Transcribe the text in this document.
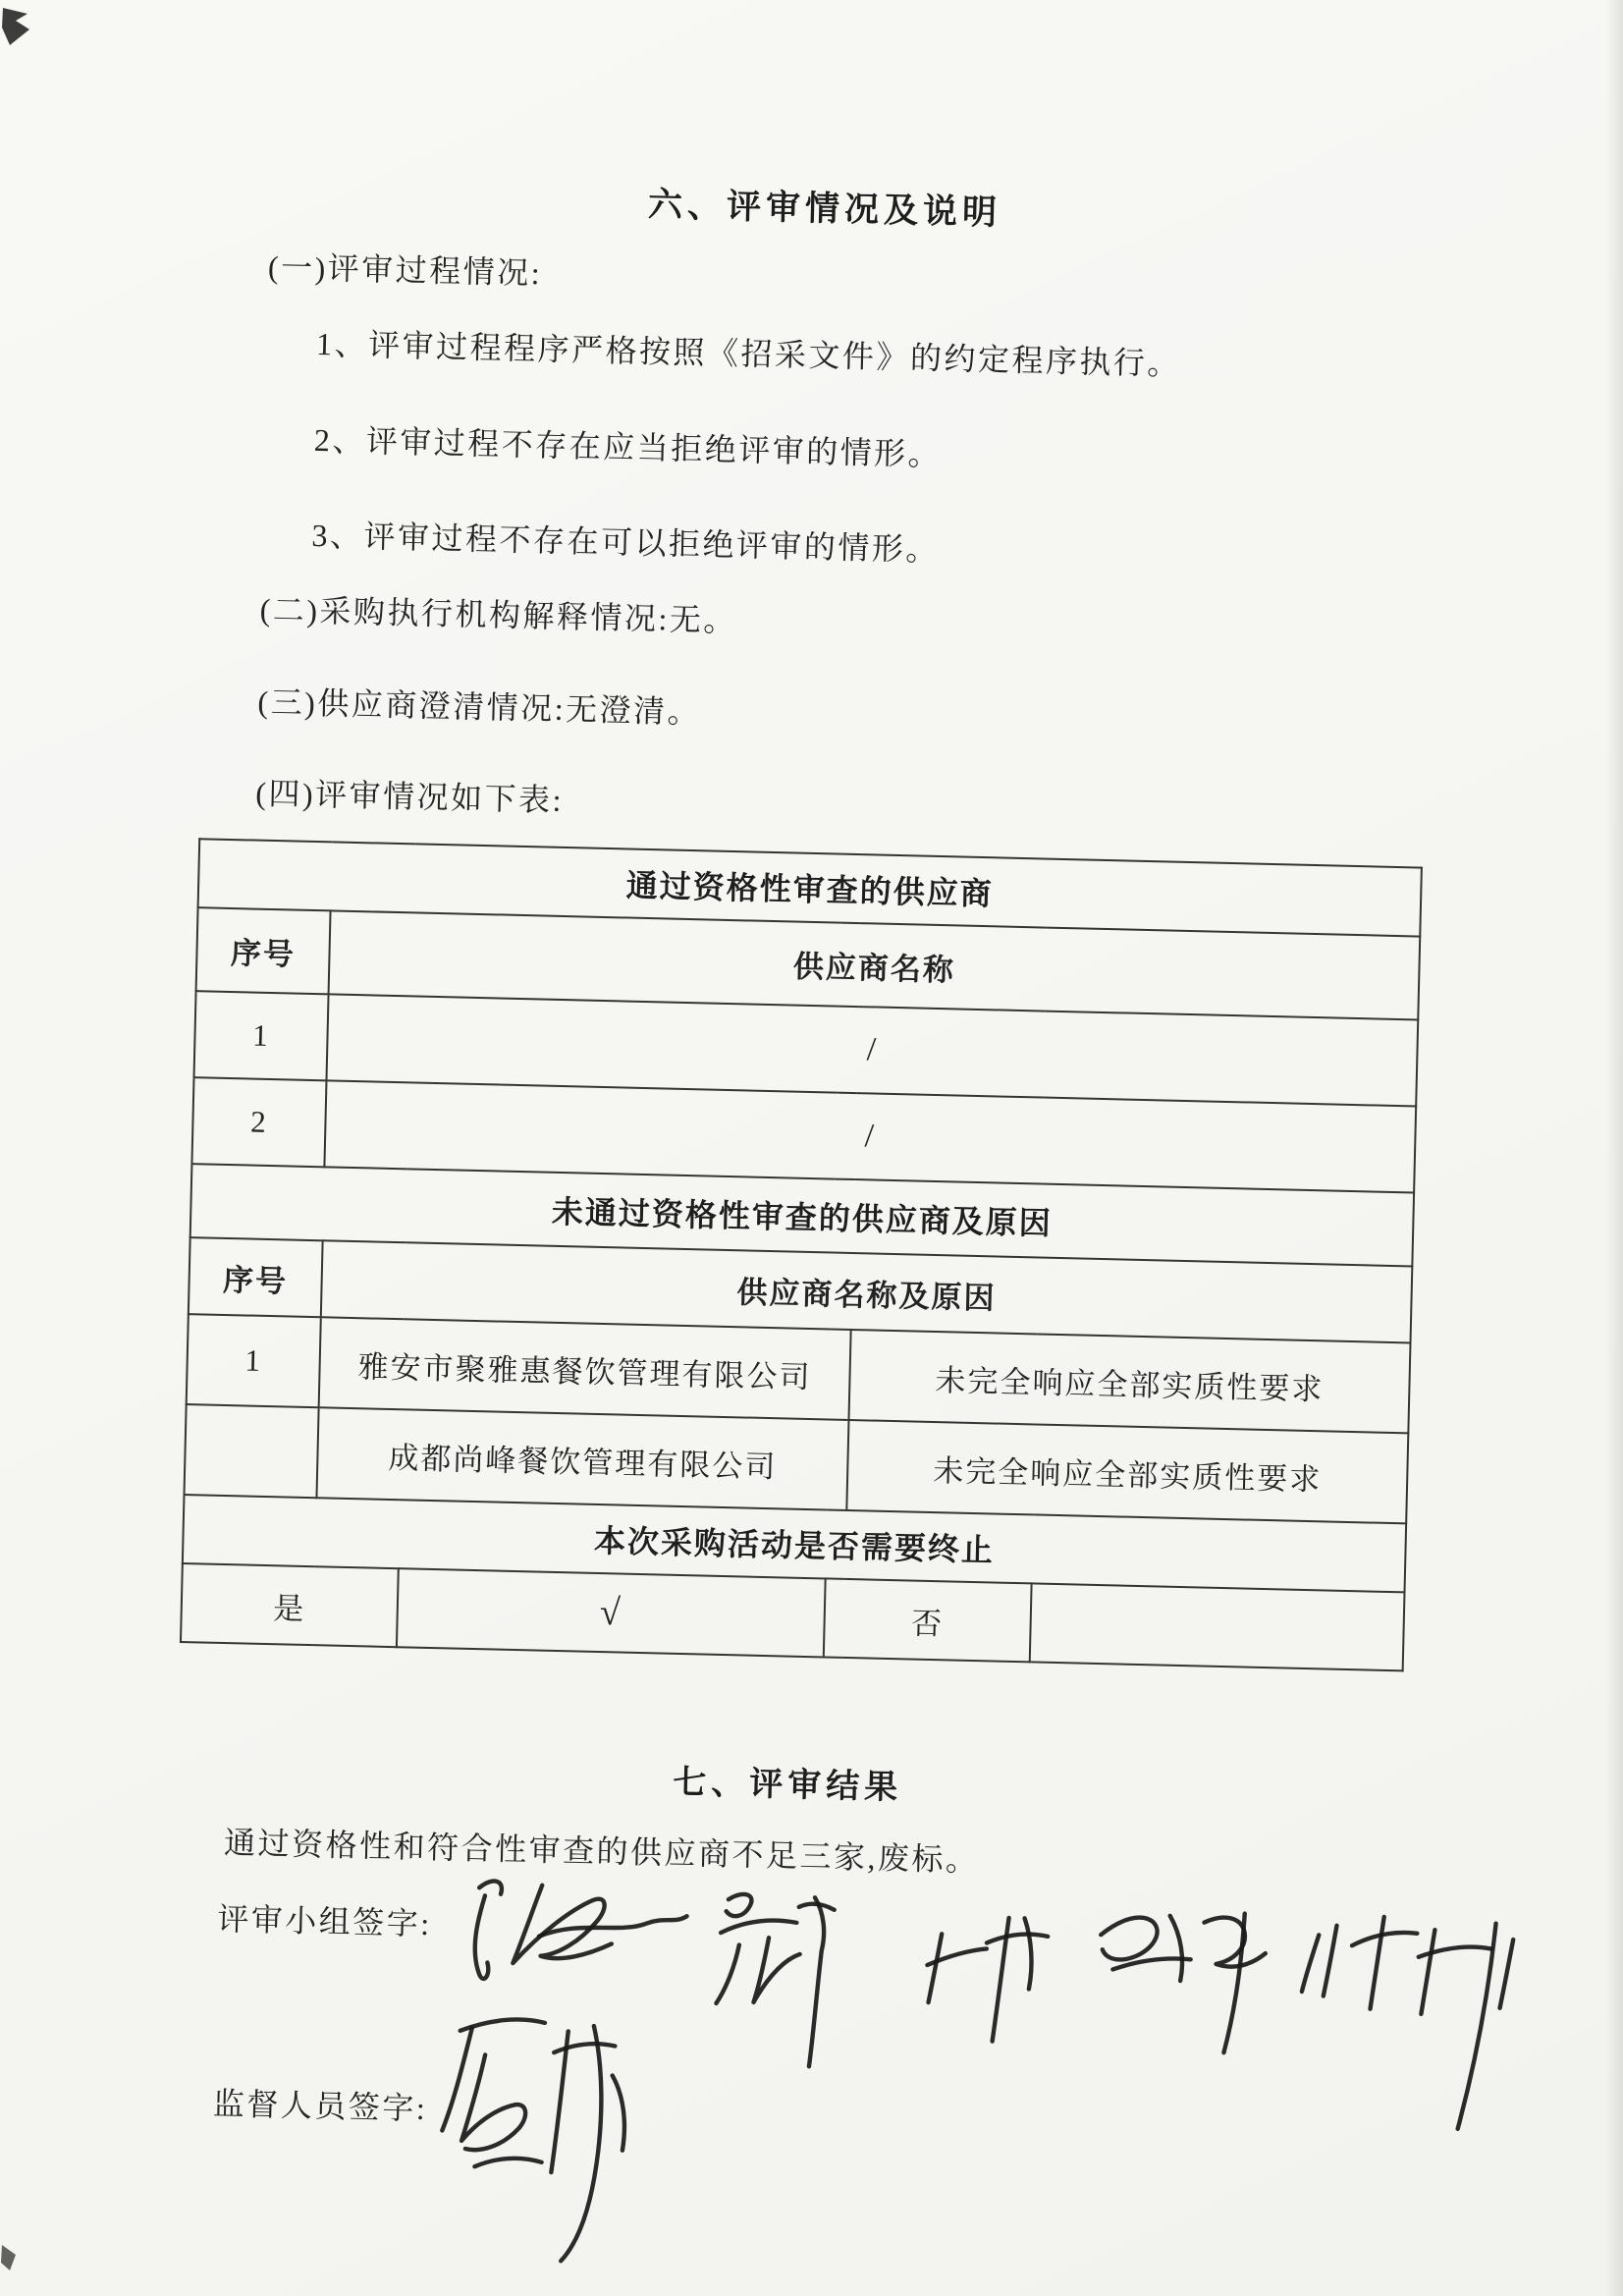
六、评审情况及说明
(一)评审过程情况:
1、评审过程程序严格按照《招采文件》的约定程序执行。
2、评审过程不存在应当拒绝评审的情形。
3、评审过程不存在可以拒绝评审的情形。
(二)采购执行机构解释情况:无。
(三)供应商澄清情况:无澄清。
(四)评审情况如下表:
通过资格性审查的供应商					
序号	供应商名称				
1	/				
2	/				
未通过资格性审查的供应商及原因					
序号	供应商名称及原因				
1	雅安市聚雅惠餐饮管理有限公司			未完全响应全部实质性要求	
	成都尚峰餐饮管理有限公司			未完全响应全部实质性要求	
本次采购活动是否需要终止					
是		√	否		
七、评审结果
通过资格性和符合性审查的供应商不足三家,废标。
评审小组签字:
监督人员签字:
